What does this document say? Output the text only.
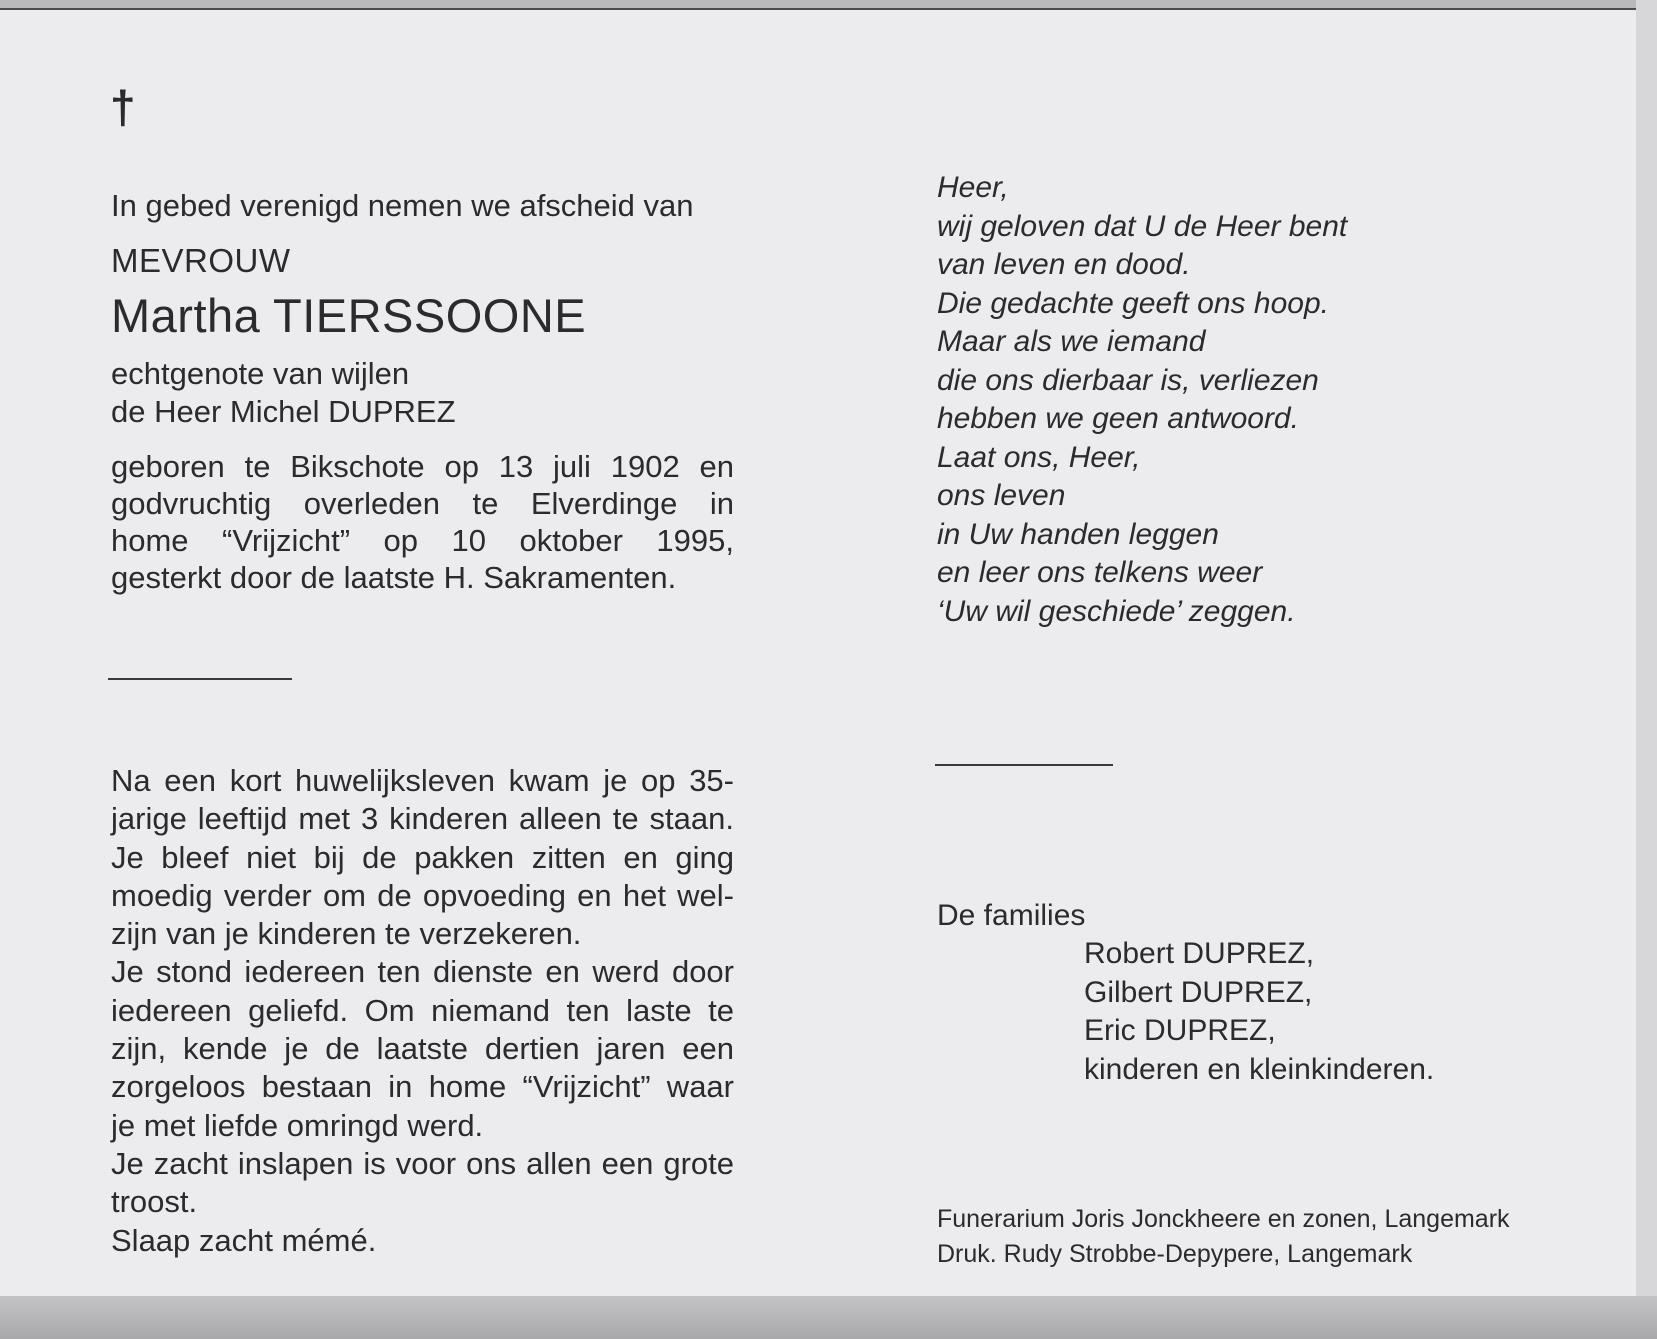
†
In gebed verenigd nemen we afscheid van
MEVROUW
Martha TIERSSOONE
echtgenote van wijlen
de Heer Michel DUPREZ
geboren te Bikschote op 13 juli 1902 en
godvruchtig overleden te Elverdinge in
home “Vrijzicht” op 10 oktober 1995,
gesterkt door de laatste H. Sakramenten.
Na een kort huwelijksleven kwam je op 35-
jarige leeftijd met 3 kinderen alleen te staan.
Je bleef niet bij de pakken zitten en ging
moedig verder om de opvoeding en het wel-
zijn van je kinderen te verzekeren.
Je stond iedereen ten dienste en werd door
iedereen geliefd. Om niemand ten laste te
zijn, kende je de laatste dertien jaren een
zorgeloos bestaan in home “Vrijzicht” waar
je met liefde omringd werd.
Je zacht inslapen is voor ons allen een grote
troost.
Slaap zacht mémé.
Heer,
wij geloven dat U de Heer bent
van leven en dood.
Die gedachte geeft ons hoop.
Maar als we iemand
die ons dierbaar is, verliezen
hebben we geen antwoord.
Laat ons, Heer,
ons leven
in Uw handen leggen
en leer ons telkens weer
‘Uw wil geschiede’ zeggen.
De families
Robert DUPREZ,
Gilbert DUPREZ,
Eric DUPREZ,
kinderen en kleinkinderen.
Funerarium Joris Jonckheere en zonen, Langemark
Druk. Rudy Strobbe-Depypere, Langemark
